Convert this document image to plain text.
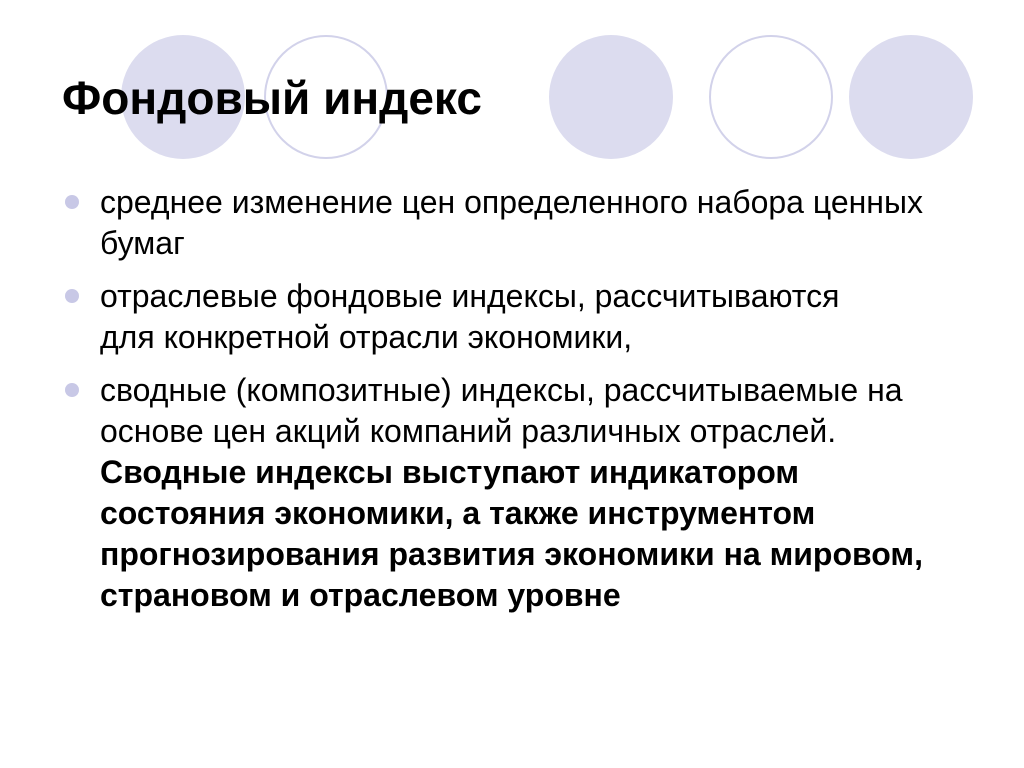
Фондовый индекс
среднее изменение цен определенного набора ценных бумаг
отраслевые фондовые индексы, рассчитываются для конкретной отрасли экономики,
сводные (композитные) индексы, рассчитываемые на основе цен акций компаний различных отраслей. Сводные индексы выступают индикатором состояния экономики, а также инструментом прогнозирования развития экономики на мировом, страновом и отраслевом уровне
